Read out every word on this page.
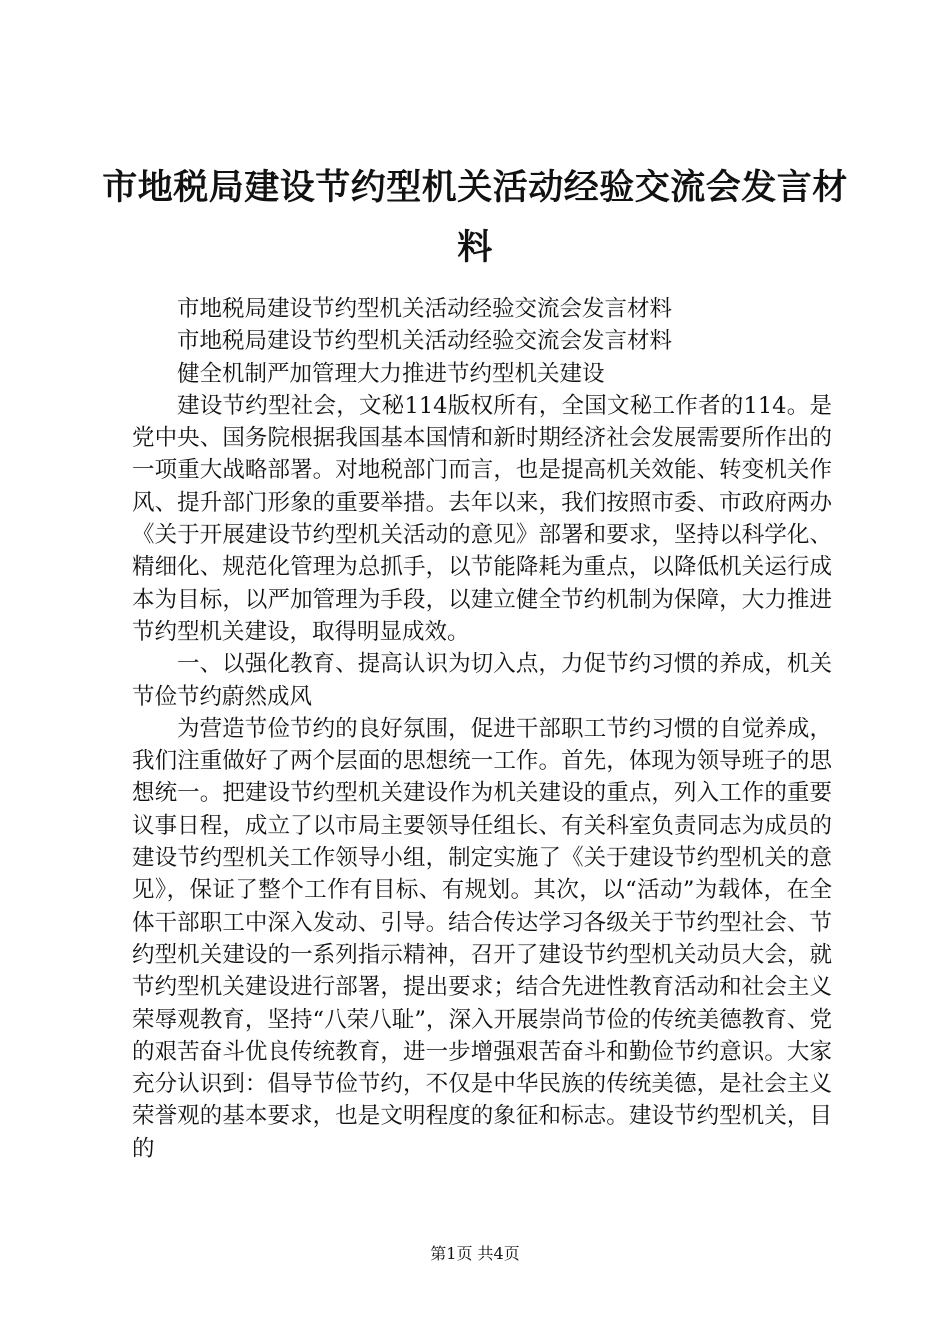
市地税局建设节约型机关活动经验交流会发言材料

市地税局建设节约型机关活动经验交流会发言材料

市地税局建设节约型机关活动经验交流会发言材料

健全机制严加管理大力推进节约型机关建设

建设节约型社会，文秘114版权所有，全国文秘工作者的114。是党中央、国务院根据我国基本国情和新时期经济社会发展需要所作出的一项重大战略部署。对地税部门而言，也是提高机关效能、转变机关作风、提升部门形象的重要举措。去年以来，我们按照市委、市政府两办《关于开展建设节约型机关活动的意见》部署和要求，坚持以科学化、精细化、规范化管理为总抓手，以节能降耗为重点，以降低机关运行成本为目标，以严加管理为手段，以建立健全节约机制为保障，大力推进节约型机关建设，取得明显成效。

一、以强化教育、提高认识为切入点，力促节约习惯的养成，机关节俭节约蔚然成风

为营造节俭节约的良好氛围，促进干部职工节约习惯的自觉养成，我们注重做好了两个层面的思想统一工作。首先，体现为领导班子的思想统一。把建设节约型机关建设作为机关建设的重点，列入工作的重要议事日程，成立了以市局主要领导任组长、有关科室负责同志为成员的建设节约型机关工作领导小组，制定实施了《关于建设节约型机关的意见》，保证了整个工作有目标、有规划。其次，以“活动”为载体，在全体干部职工中深入发动、引导。结合传达学习各级关于节约型社会、节约型机关建设的一系列指示精神，召开了建设节约型机关动员大会，就节约型机关建设进行部署，提出要求；结合先进性教育活动和社会主义荣辱观教育，坚持“八荣八耻”，深入开展崇尚节俭的传统美德教育、党的艰苦奋斗优良传统教育，进一步增强艰苦奋斗和勤俭节约意识。大家充分认识到：倡导节俭节约，不仅是中华民族的传统美德，是社会主义荣誉观的基本要求，也是文明程度的象征和标志。建设节约型机关，目的

第1页 共4页
